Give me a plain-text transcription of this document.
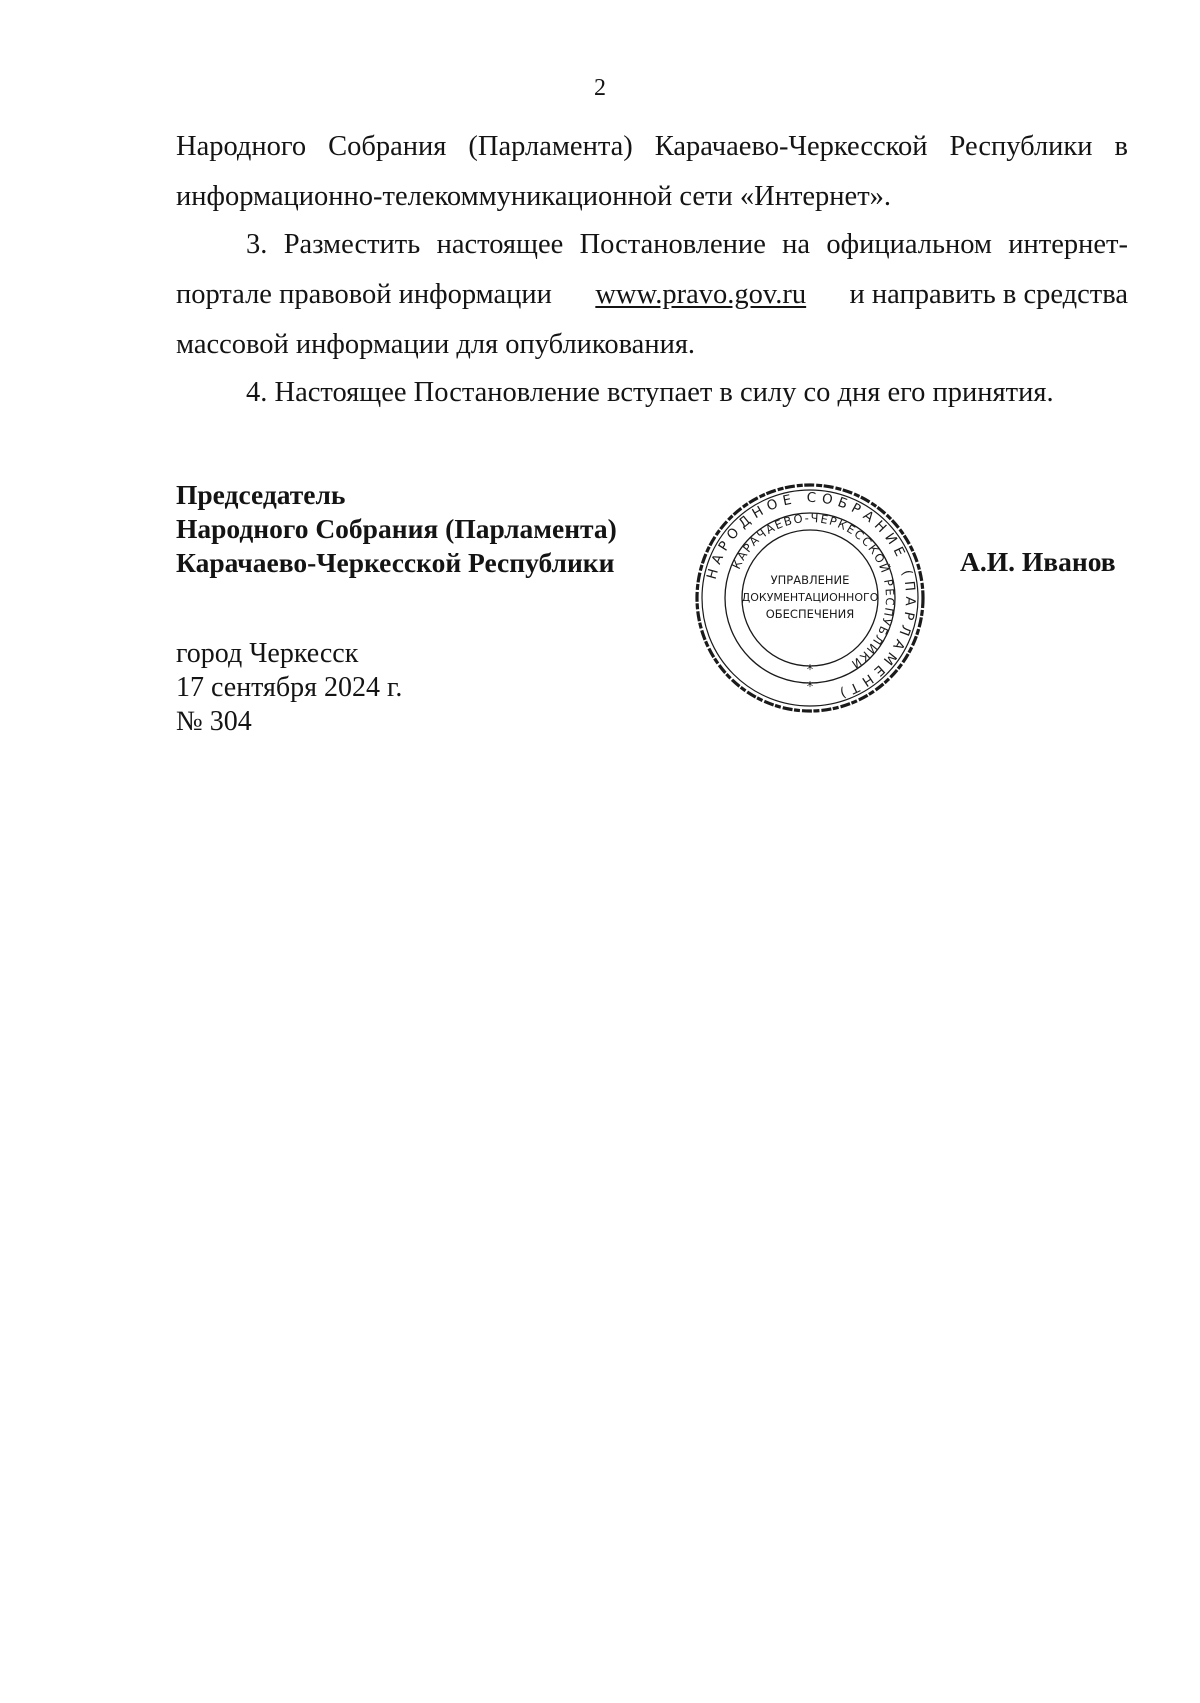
2
Народного Собрания (Парламента) Карачаево-Черкесской Республики в
информационно-телекоммуникационной сети «Интернет».
3. Разместить настоящее Постановление на официальном интернет-
портале правовой информации www.pravo.gov.ru и направить в средства
массовой информации для опубликования.
4. Настоящее Постановление вступает в силу со дня его принятия.
Председатель
Народного Собрания (Парламента)
Карачаево-Черкесской Республики	А.И. Иванов
НАРОДНОЕ СОБРАНИЕ (ПАРЛАМЕНТ)
КАРАЧАЕВО-ЧЕРКЕССКОЙ РЕСПУБЛИКИ
УПРАВЛЕНИЕ
ДОКУМЕНТАЦИОННОГО
ОБЕСПЕЧЕНИЯ
*
*
город Черкесск
17 сентября 2024 г.
№ 304
